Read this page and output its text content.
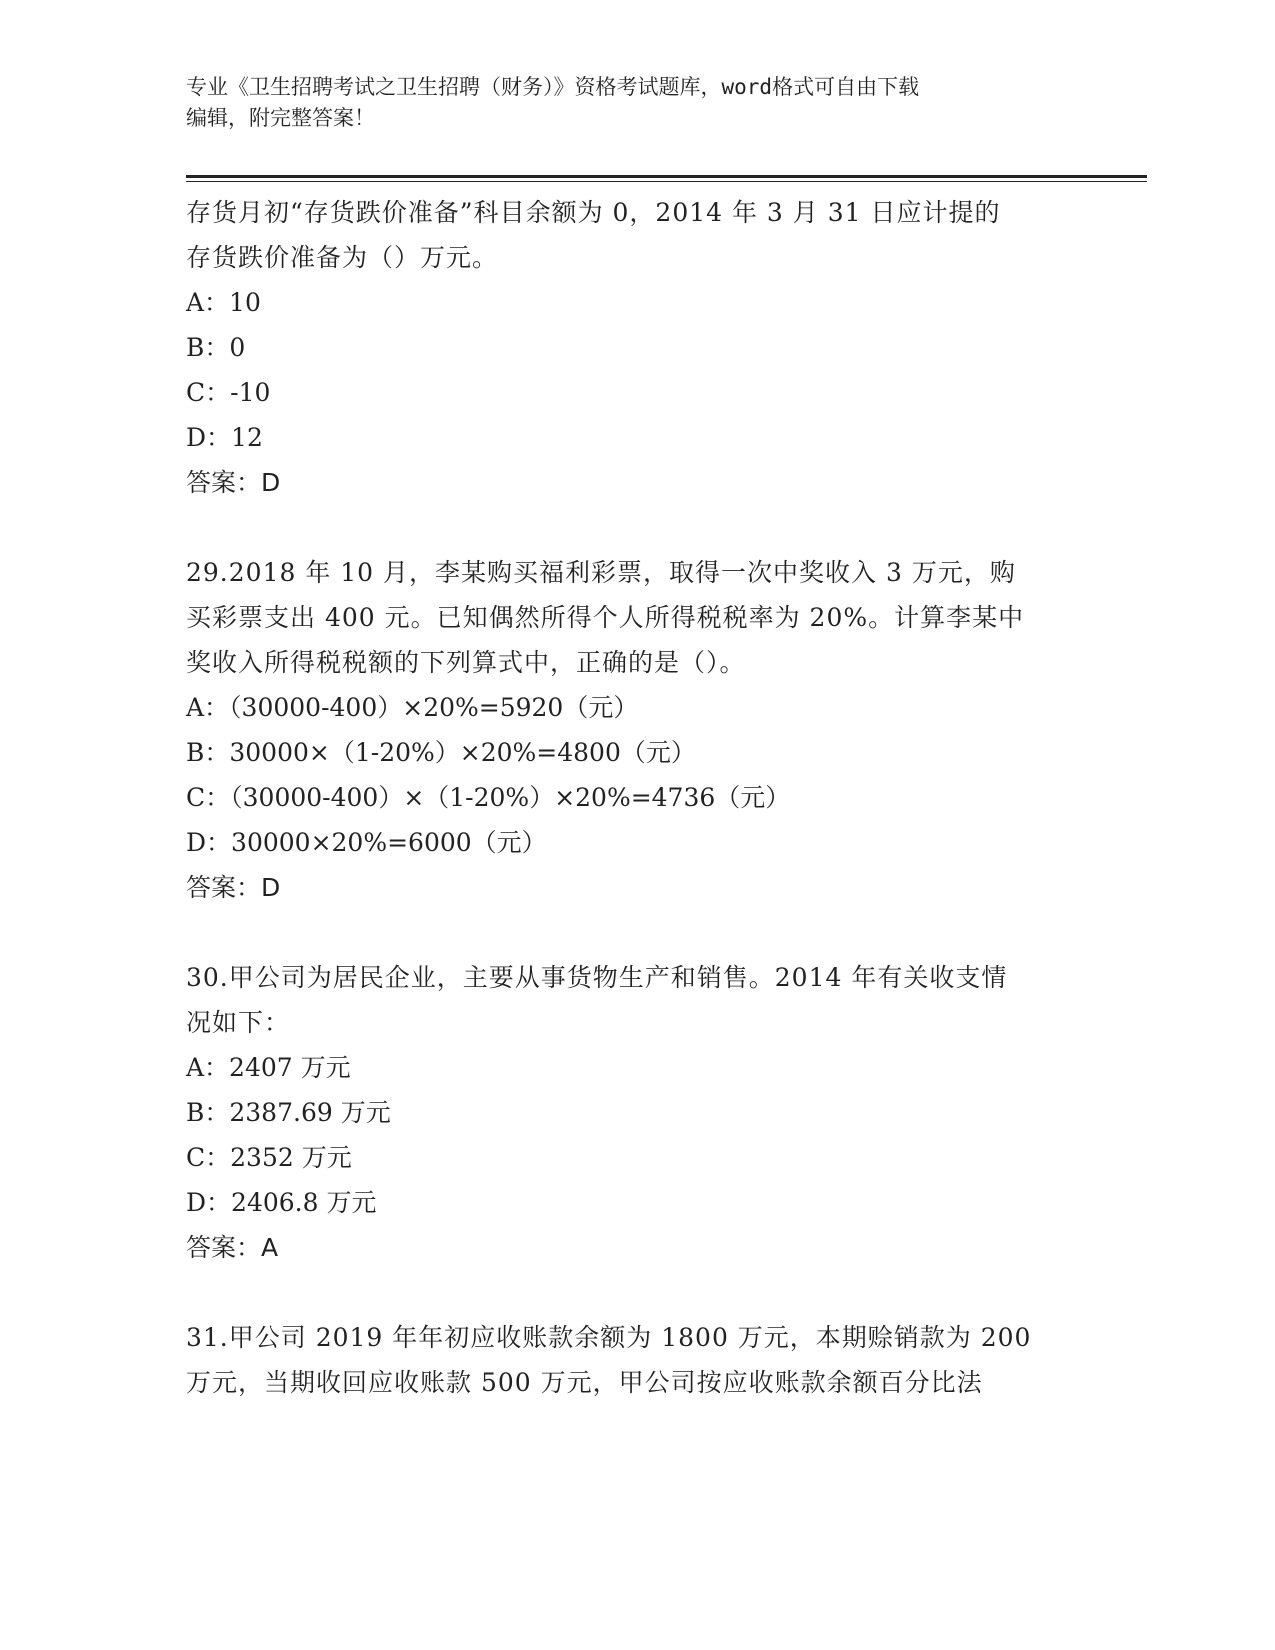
专业《卫生招聘考试之卫生招聘（财务）》资格考试题库，word格式可自由下载
编辑，附完整答案！
存货月初“存货跌价准备”科目余额为 0，2014 年 3 月 31 日应计提的
存货跌价准备为（）万元。
A：10
B：0
C：-10
D：12
答案：D
29.2018 年 10 月，李某购买福利彩票，取得一次中奖收入 3 万元，购
买彩票支出 400 元。已知偶然所得个人所得税税率为 20%。计算李某中
奖收入所得税税额的下列算式中，正确的是（）。
A：（30000-400）×20%=5920（元）
B：30000×（1-20%）×20%=4800（元）
C：（30000-400）×（1-20%）×20%=4736（元）
D：30000×20%=6000（元）
答案：D
30.甲公司为居民企业，主要从事货物生产和销售。2014 年有关收支情
况如下：
A：2407 万元
B：2387.69 万元
C：2352 万元
D：2406.8 万元
答案：A
31.甲公司 2019 年年初应收账款余额为 1800 万元，本期赊销款为 200
万元，当期收回应收账款 500 万元，甲公司按应收账款余额百分比法
